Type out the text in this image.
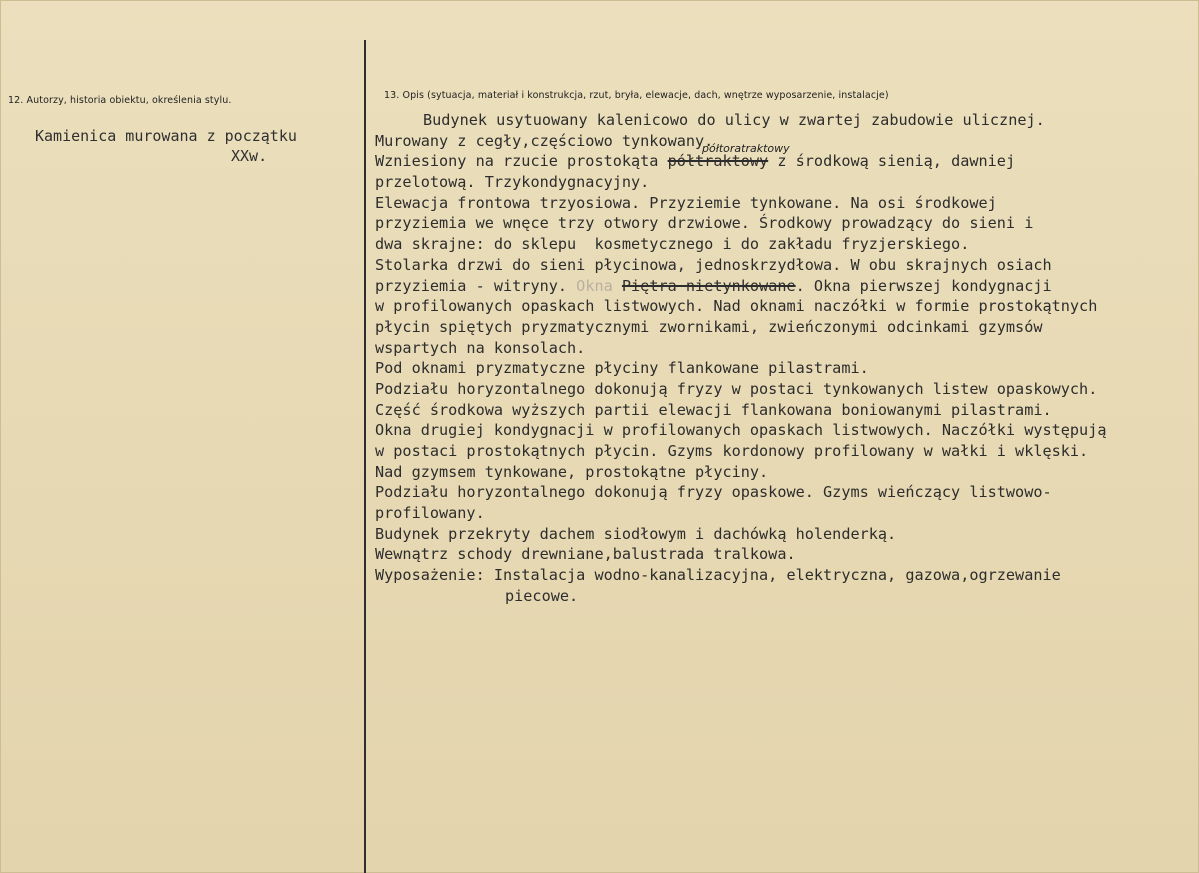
12. Autorzy, historia obiektu, określenia stylu.
Kamienica murowana z początku
XXw.
13. Opis (sytuacja, materiał i konstrukcja, rzut, bryła, elewacje, dach, wnętrze wyposarzenie, instalacje)
Budynek usytuowany kalenicowo do ulicy w zwartej zabudowie ulicznej.
Murowany z cegły,częściowo tynkowany.
Wzniesiony na rzucie prostokąta półtraktowy
półtoratraktowy
z środkową sienią, dawniej
przelotową. Trzykondygnacyjny.
Elewacja frontowa trzyosiowa. Przyziemie tynkowane. Na osi środkowej
przyziemia we wnęce trzy otwory drzwiowe. Środkowy prowadzący do sieni i
dwa skrajne: do sklepu  kosmetycznego i do zakładu fryzjerskiego.
Stolarka drzwi do sieni płycinowa, jednoskrzydłowa. W obu skrajnych osiach
przyziemia - witryny. Okna Piętra nietynkowane. Okna pierwszej kondygnacji
w profilowanych opaskach listwowych. Nad oknami naczółki w formie prostokątnych
płycin spiętych pryzmatycznymi zwornikami, zwieńczonymi odcinkami gzymsów
wspartych na konsolach.
Pod oknami pryzmatyczne płyciny flankowane pilastrami.
Podziału horyzontalnego dokonują fryzy w postaci tynkowanych listew opaskowych.
Część środkowa wyższych partii elewacji flankowana boniowanymi pilastrami.
Okna drugiej kondygnacji w profilowanych opaskach listwowych. Naczółki występują
w postaci prostokątnych płycin. Gzyms kordonowy profilowany w wałki i wklęski.
Nad gzymsem tynkowane, prostokątne płyciny.
Podziału horyzontalnego dokonują fryzy opaskowe. Gzyms wieńczący listwowo-
profilowany.
Budynek przekryty dachem siodłowym i dachówką holenderką.
Wewnątrz schody drewniane,balustrada tralkowa.
Wyposażenie: Instalacja wodno-kanalizacyjna, elektryczna, gazowa,ogrzewanie
piecowe.
